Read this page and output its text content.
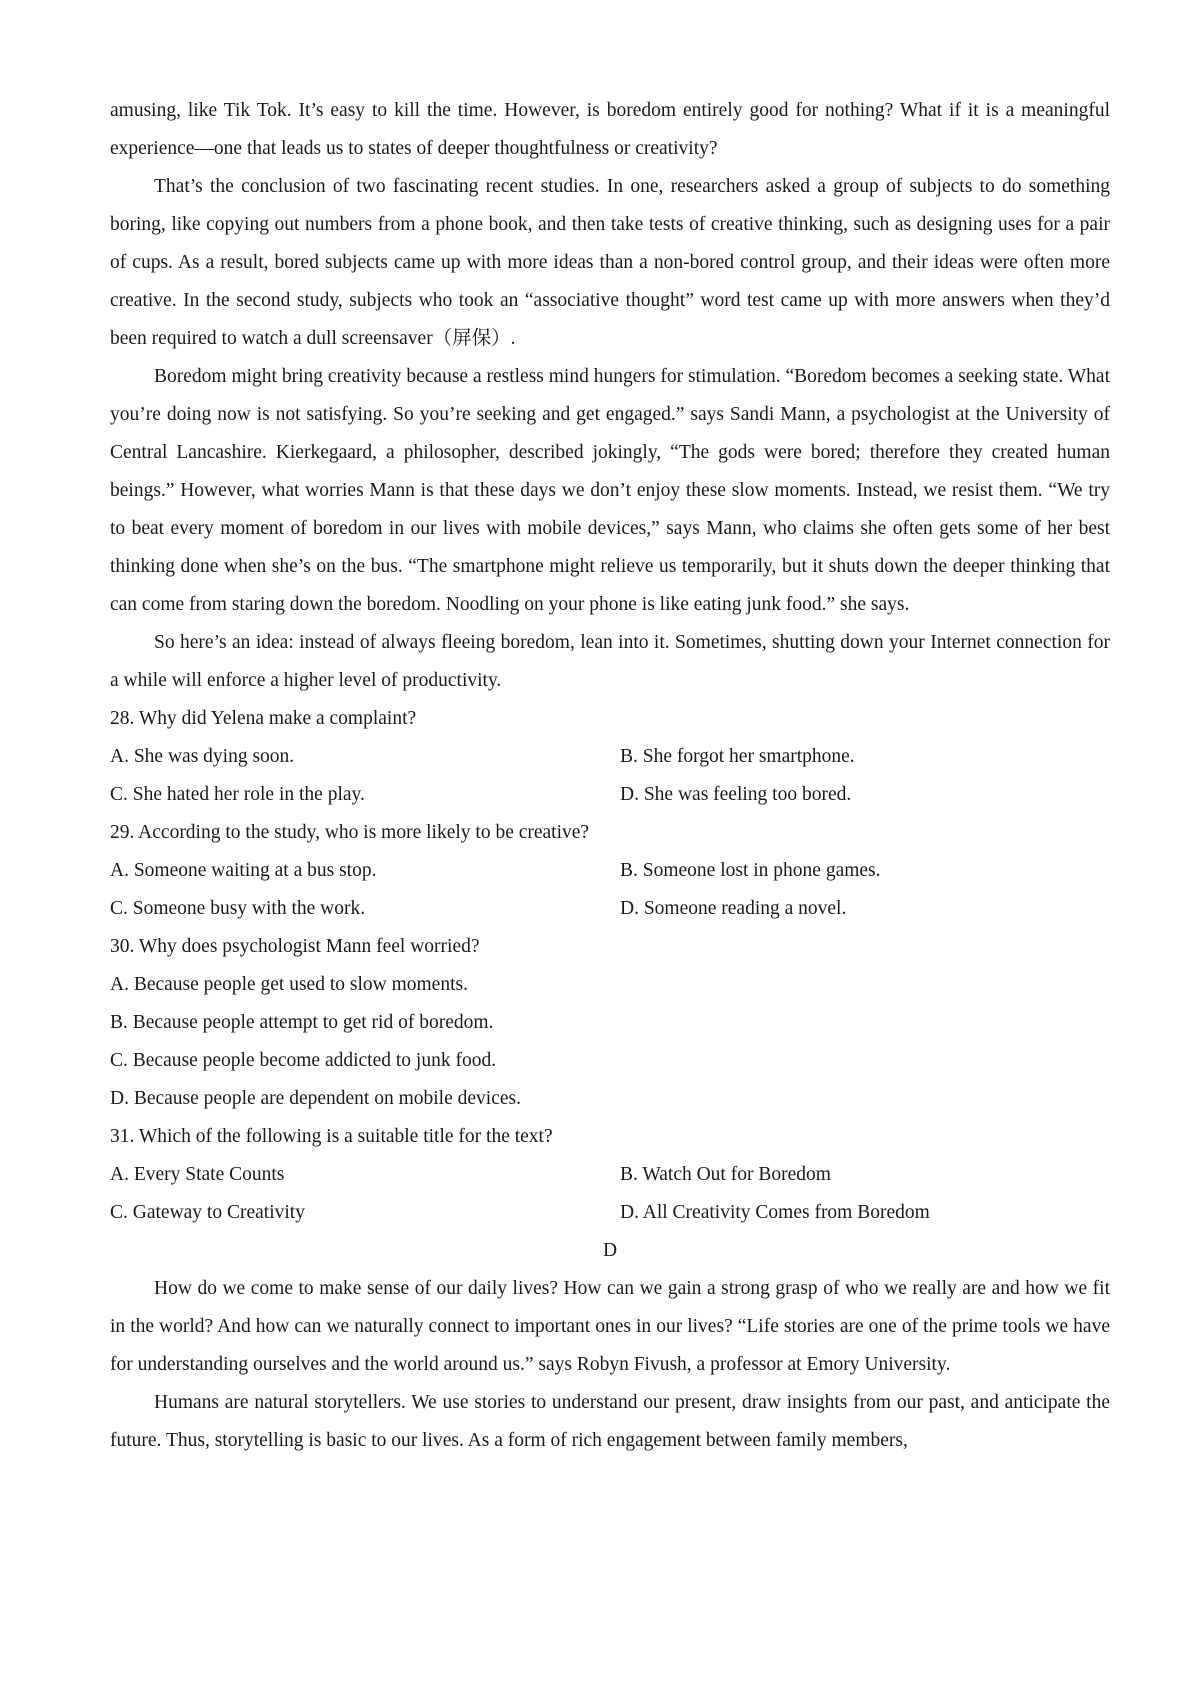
amusing, like Tik Tok. It’s easy to kill the time. However, is boredom entirely good for nothing? What if it is a meaningful experience—one that leads us to states of deeper thoughtfulness or creativity?

That’s the conclusion of two fascinating recent studies. In one, researchers asked a group of subjects to do something boring, like copying out numbers from a phone book, and then take tests of creative thinking, such as designing uses for a pair of cups. As a result, bored subjects came up with more ideas than a non-bored control group, and their ideas were often more creative. In the second study, subjects who took an “associative thought” word test came up with more answers when they’d been required to watch a dull screensaver（屏保）.

Boredom might bring creativity because a restless mind hungers for stimulation. “Boredom becomes a seeking state. What you’re doing now is not satisfying. So you’re seeking and get engaged.” says Sandi Mann, a psychologist at the University of Central Lancashire. Kierkegaard, a philosopher, described jokingly, “The gods were bored; therefore they created human beings.” However, what worries Mann is that these days we don’t enjoy these slow moments. Instead, we resist them. “We try to beat every moment of boredom in our lives with mobile devices,” says Mann, who claims she often gets some of her best thinking done when she’s on the bus. “The smartphone might relieve us temporarily, but it shuts down the deeper thinking that can come from staring down the boredom. Noodling on your phone is like eating junk food.” she says.

So here’s an idea: instead of always fleeing boredom, lean into it. Sometimes, shutting down your Internet connection for a while will enforce a higher level of productivity.

28. Why did Yelena make a complaint?

A. She was dying soon.	B. She forgot her smartphone.
C. She hated her role in the play.	D. She was feeling too bored.

29. According to the study, who is more likely to be creative?

A. Someone waiting at a bus stop.	B. Someone lost in phone games.
C. Someone busy with the work.	D. Someone reading a novel.

30. Why does psychologist Mann feel worried?

A. Because people get used to slow moments.

B. Because people attempt to get rid of boredom.

C. Because people become addicted to junk food.

D. Because people are dependent on mobile devices.

31. Which of the following is a suitable title for the text?

A. Every State Counts	B. Watch Out for Boredom
C. Gateway to Creativity	D. All Creativity Comes from Boredom

D

How do we come to make sense of our daily lives? How can we gain a strong grasp of who we really are and how we fit in the world? And how can we naturally connect to important ones in our lives? “Life stories are one of the prime tools we have for understanding ourselves and the world around us.” says Robyn Fivush, a professor at Emory University.

Humans are natural storytellers. We use stories to understand our present, draw insights from our past, and anticipate the future. Thus, storytelling is basic to our lives. As a form of rich engagement between family members,
